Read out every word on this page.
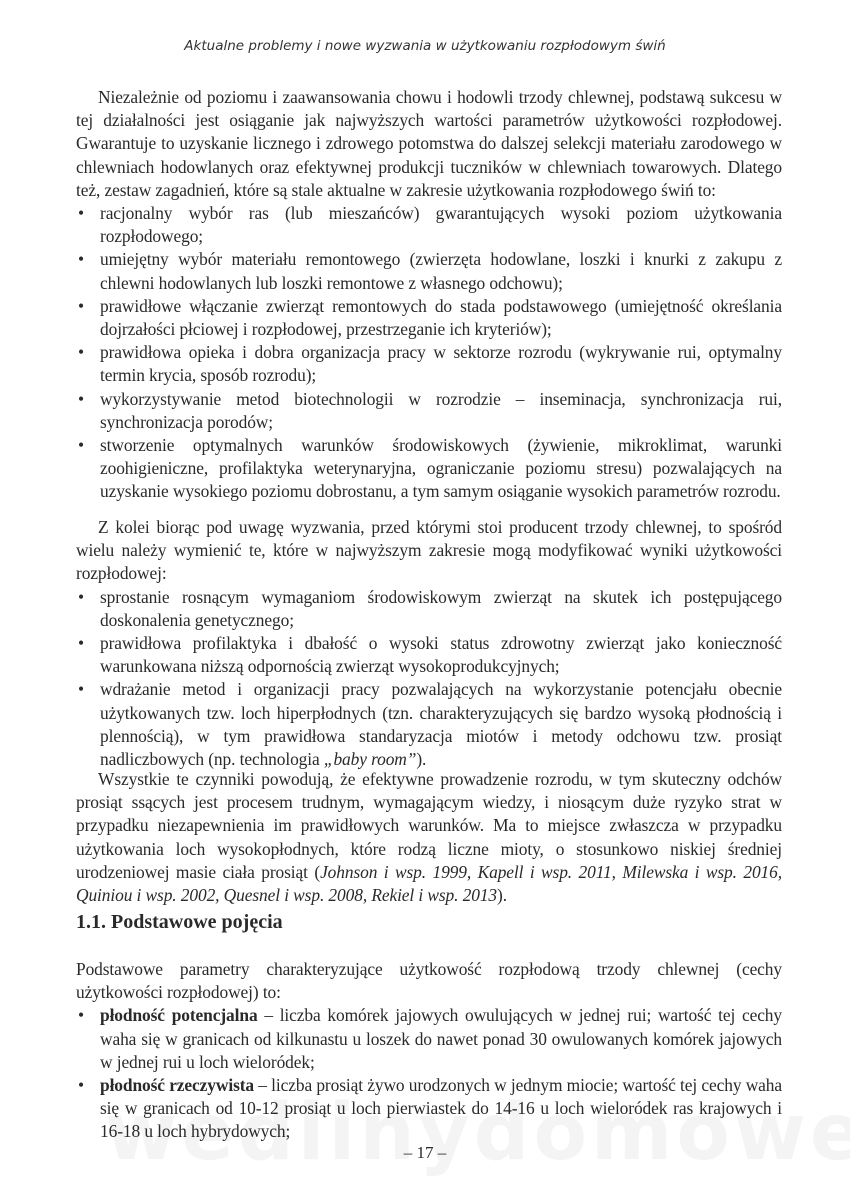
Aktualne problemy i nowe wyzwania w użytkowaniu rozpłodowym świń

Niezależnie od poziomu i zaawansowania chowu i hodowli trzody chlewnej, podstawą sukcesu w tej działalności jest osiąganie jak najwyższych wartości parametrów użytkowości rozpłodowej. Gwarantuje to uzyskanie licznego i zdrowego potomstwa do dalszej selekcji materiału zarodowego w chlewniach hodowlanych oraz efektywnej produkcji tuczników w chlewniach towarowych. Dlatego też, zestaw zagadnień, które są stale aktualne w zakresie użytkowania rozpłodowego świń to:

• racjonalny wybór ras (lub mieszańców) gwarantujących wysoki poziom użytkowania rozpłodowego;
• umiejętny wybór materiału remontowego (zwierzęta hodowlane, loszki i knurki z zakupu z chlewni hodowlanych lub loszki remontowe z własnego odchowu);
• prawidłowe włączanie zwierząt remontowych do stada podstawowego (umiejętność określania dojrzałości płciowej i rozpłodowej, przestrzeganie ich kryteriów);
• prawidłowa opieka i dobra organizacja pracy w sektorze rozrodu (wykrywanie rui, optymalny termin krycia, sposób rozrodu);
• wykorzystywanie metod biotechnologii w rozrodzie – inseminacja, synchronizacja rui, synchronizacja porodów;
• stworzenie optymalnych warunków środowiskowych (żywienie, mikroklimat, warunki zoohigieniczne, profilaktyka weterynaryjna, ograniczanie poziomu stresu) pozwalających na uzyskanie wysokiego poziomu dobrostanu, a tym samym osiąganie wysokich parametrów rozrodu.

Z kolei biorąc pod uwagę wyzwania, przed którymi stoi producent trzody chlewnej, to spośród wielu należy wymienić te, które w najwyższym zakresie mogą modyfikować wyniki użytkowości rozpłodowej:

• sprostanie rosnącym wymaganiom środowiskowym zwierząt na skutek ich postępującego doskonalenia genetycznego;
• prawidłowa profilaktyka i dbałość o wysoki status zdrowotny zwierząt jako konieczność warunkowana niższą odpornością zwierząt wysokoprodukcyjnych;
• wdrażanie metod i organizacji pracy pozwalających na wykorzystanie potencjału obecnie użytkowanych tzw. loch hiperpłodnych (tzn. charakteryzujących się bardzo wysoką płodnością i plennością), w tym prawidłowa standaryzacja miotów i metody odchowu tzw. prosiąt nadliczbowych (np. technologia „baby room”).

Wszystkie te czynniki powodują, że efektywne prowadzenie rozrodu, w tym skuteczny odchów prosiąt ssących jest procesem trudnym, wymagającym wiedzy, i niosącym duże ryzyko strat w przypadku niezapewnienia im prawidłowych warunków. Ma to miejsce zwłaszcza w przypadku użytkowania loch wysokopłodnych, które rodzą liczne mioty, o stosunkowo niskiej średniej urodzeniowej masie ciała prosiąt (Johnson i wsp. 1999, Kapell i wsp. 2011, Milewska i wsp. 2016, Quiniou i wsp. 2002, Quesnel i wsp. 2008, Rekiel i wsp. 2013).

1.1. Podstawowe pojęcia

Podstawowe parametry charakteryzujące użytkowość rozpłodową trzody chlewnej (cechy użytkowości rozpłodowej) to:

• płodność potencjalna – liczba komórek jajowych owulujących w jednej rui; wartość tej cechy waha się w granicach od kilkunastu u loszek do nawet ponad 30 owulowanych komórek jajowych w jednej rui u loch wieloródek;
• płodność rzeczywista – liczba prosiąt żywo urodzonych w jednym miocie; wartość tej cechy waha się w granicach od 10-12 prosiąt u loch pierwiastek do 14-16 u loch wieloródek ras krajowych i 16-18 u loch hybrydowych;
– 17 –
